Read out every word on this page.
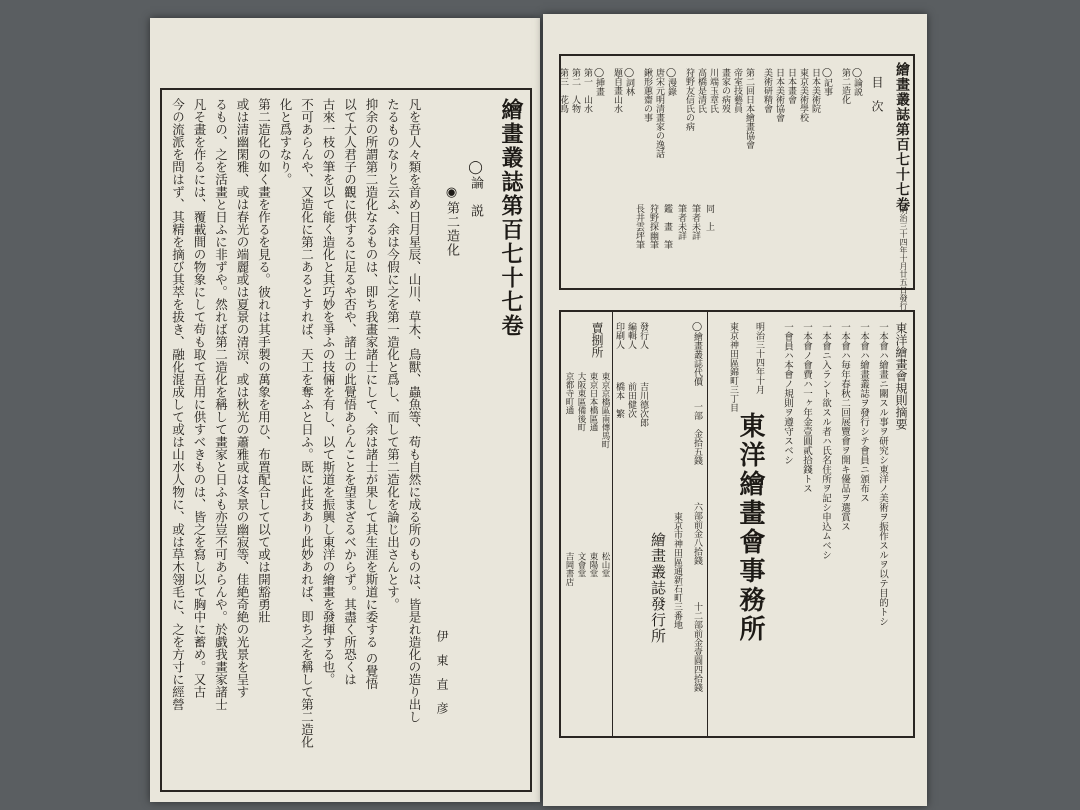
繪畫叢誌第百七十七卷
◯論　説
◉第二造化
伊　東　直　彦
凡を吾人々類を首め日月星辰、山川、草木、鳥獸、蟲魚等、苟も自然に成る所のものは、皆是れ造化の造り出し
たるものなりと云ふ、余は今假に之を第一造化と爲し、而して第二造化を論じ出さんとす。
抑余の所謂第二造化なるものは、即ち我畫家諸士にして、余は諸士が果して其生涯を斯道に委する の覺悟
以て大人君子の觀に供するに足るや否や、諸士の此覺悟あらんことを望まざるべからず。其盡く所恐くは
古來一枝の筆を以て能く造化と其巧妙を爭ふの技倆を有し、以て斯道を振興し東洋の繪畫を發揮する也。
不可あらんや、又造化に第二あるとすれば、天工を奪ふと日ふ。既に此技あり此妙あれば、即ち之を稱して第二造化
化と爲すなり。
第二造化の如く畫を作るを見る。彼れは其手製の萬象を用ひ、布置配合して以て或は開豁勇壯
或は清幽閑雅、或は春光の端麗或は夏景の清涼、或は秋光の蕭雅或は冬景の幽寂等、佳絶奇絶の光景を呈す
るもの、之を活畫と日ふに非ずや。然れば第二造化を稱して畫家と日ふも亦豈不可あらんや。於戯我畫家諸士
凡そ畫を作るには、覆載間の物象にして苟も取て吾用に供すべきものは、皆之を寫し以て胸中に蓄め。又古
今の流派を問はず、其精を摘び其萃を拔き、融化混成して或は山水人物に、或は草木翎毛に、之を方寸に經營	繪畫叢誌第百七十七卷
明治三十四年十月廿五日發行
目　次
◯論説
第二造化
◯記事
日本美術院
東京美術學校
日本畫會
日本美術協會
美術研精會
第二回日本繪畫協會
帝室技藝員
畫家の病歿
川端玉章氏
高橋是清氏
狩野友信氏の病
◯漫錄
唐宋元明清畫家の逸話
鍬形蕙齋の事
◯詞林
題自畫山水
◯挿畫
第一　山水
第二　人物
第三　花鳥
同　上
筆者未詳
筆者未詳
鑑　畫　筆
狩野探幽筆
長井雲坪筆
東洋繪畫會規則摘要
一本會ハ繪畫ニ關スル事ヲ研究シ東洋ノ美術ヲ振作スルヲ以テ目的トシ
一本會ハ繪畫叢誌ヲ發行シテ會員ニ頒布ス
一本會ハ毎年春秋二回展覽會ヲ開キ優品ヲ選賞ス
一本會ニ入ラント欲スル者ハ氏名住所ヲ記シ申込ムベシ
一本會ノ會費ハ一ヶ年金壹圓貳拾錢トス
一會員ハ本會ノ規則ヲ遵守スベシ
明治三十四年十月
東京神田區錦町三丁目
東洋繪畫會事務所
◯繪畫叢誌代價
一部　金拾五錢
六部前金八拾錢
十二部前金壹圓四拾錢
東京市神田區通新石町三番地
繪畫叢誌發行所
發行人
編輯人
印刷人
吉川德次郎
前田健次
橋本　繁
賣捌所
東京京橋區南傳馬町
東京日本橋區通
大阪東區備後町
京都寺町通
松山堂
東陽堂
文會堂
吉岡書店
